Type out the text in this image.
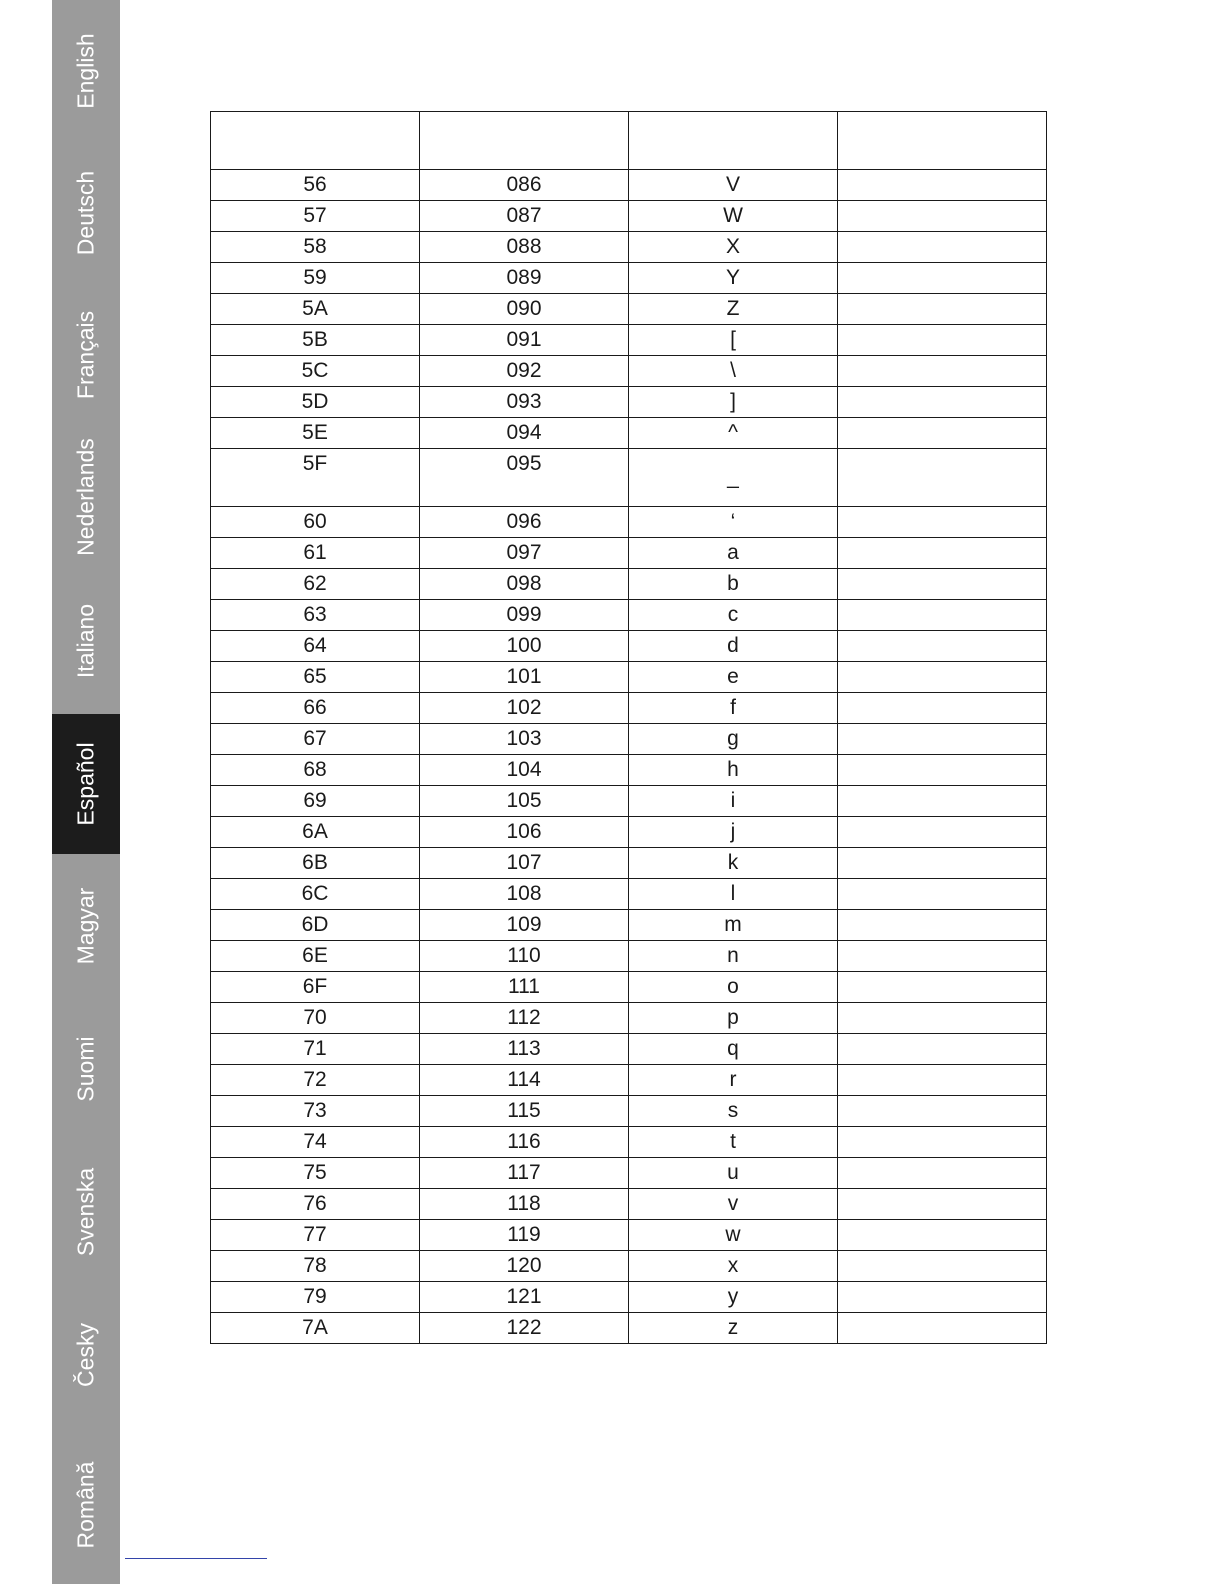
English
Deutsch
Français
Nederlands
Italiano
Español
Magyar
Suomi
Svenska
Česky
Română

56	086	V	
57	087	W	
58	088	X	
59	089	Y	
5A	090	Z	
5B	091	[	
5C	092	\	
5D	093	]	
5E	094	^	
5F	095	_	
60	096	‘	
61	097	a	
62	098	b	
63	099	c	
64	100	d	
65	101	e	
66	102	f	
67	103	g	
68	104	h	
69	105	i	
6A	106	j	
6B	107	k	
6C	108	l	
6D	109	m	
6E	110	n	
6F	111	o	
70	112	p	
71	113	q	
72	114	r	
73	115	s	
74	116	t	
75	117	u	
76	118	v	
77	119	w	
78	120	x	
79	121	y	
7A	122	z	
